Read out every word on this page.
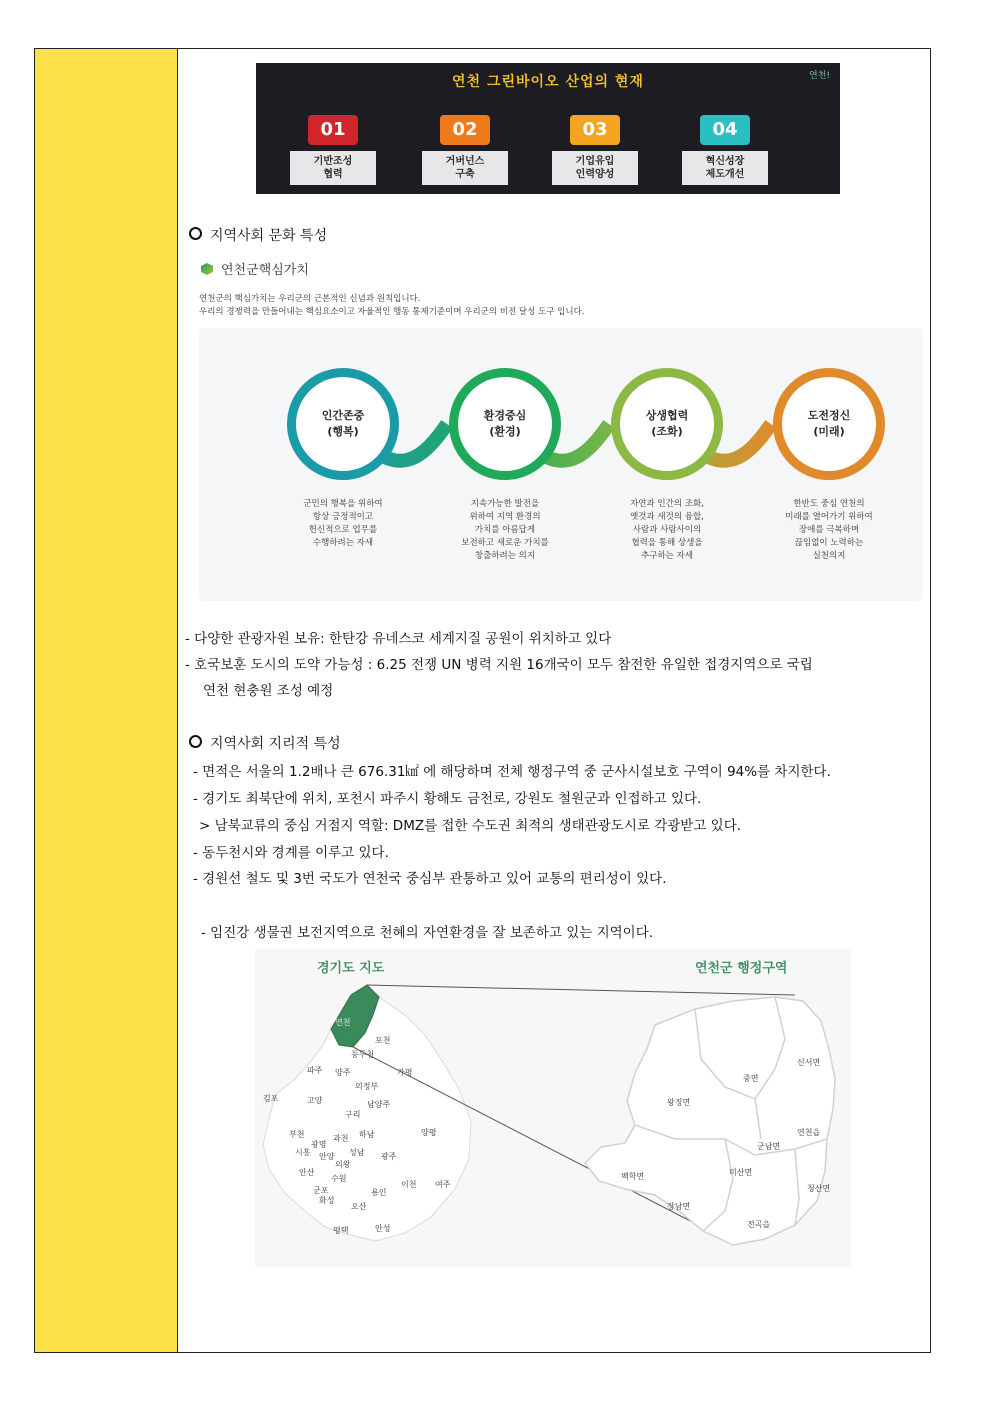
연천 그린바이오 산업의 현재	연천!
01
기반조성
협력
02
거버넌스
구축
03
기업유입
인력양성
04
혁신성장
제도개선
지역사회 문화 특성
연천군핵심가치
연천군의 핵심가치는 우리군의 근본적인 신념과 원칙입니다.
우리의 경쟁력을 만들어내는 핵심요소이고 자율적인 행동 통제기준이며 우리군의 비전 달성 도구 입니다.
인간존중
(행복)
군민의 행복을 위하여
항상 긍정적이고
헌신적으로 업무를
수행하려는 자세
환경중심
(환경)
지속가능한 발전을
위하여 지역 환경의
가치를 아름답게
보전하고 새로운 가치를
창출하려는 의지
상생협력
(조화)
자연과 인간의 조화,
옛것과 새것의 융합,
사람과 사람사이의
협력을 통해 상생을
추구하는 자세
도전정신
(미래)
한반도 중심 연천의
미래를 열어가기 위하여
장애를 극복하며
끊임없이 노력하는
실천의지
- 다양한 관광자원 보유: 한탄강 유네스코 세계지질 공원이 위치하고 있다
- 호국보훈 도시의 도약 가능성 : 6.25 전쟁 UN 병력 지원 16개국이 모두 참전한 유일한 접경지역으로 국립
연천 현충원 조성 예정
지역사회 지리적 특성
- 면적은 서울의 1.2배나 큰 676.31㎢ 에 해당하며 전체 행정구역 중 군사시설보호 구역이 94%를 차지한다.
- 경기도 최북단에 위치, 포천시 파주시 황해도 금천로, 강원도 철원군과 인접하고 있다.
> 남북교류의 중심 거점지 역할: DMZ를 접한 수도권 최적의 생태관광도시로 각광받고 있다.
- 동두천시와 경계를 이루고 있다.
- 경원선 철도 및 3번 국도가 연천국 중심부 관통하고 있어 교통의 편리성이 있다.
- 임진강 생물권 보전지역으로 천혜의 자연환경을 잘 보존하고 있는 지역이다.
경기도 지도	연천군 행정구역
연천
포천
동두천
파주 양주	가평
의정부
김포	고양	남양주
구리
부천
광명
과천 하남	양평
시흥 안양 성남
의왕
광주
안산
군포
수원
화성
오산
용인
이천 여주
평택	안성
중면
신서면
왕징면
연천읍
군남면
미산면
백학면
청산면
장남면
전곡읍
